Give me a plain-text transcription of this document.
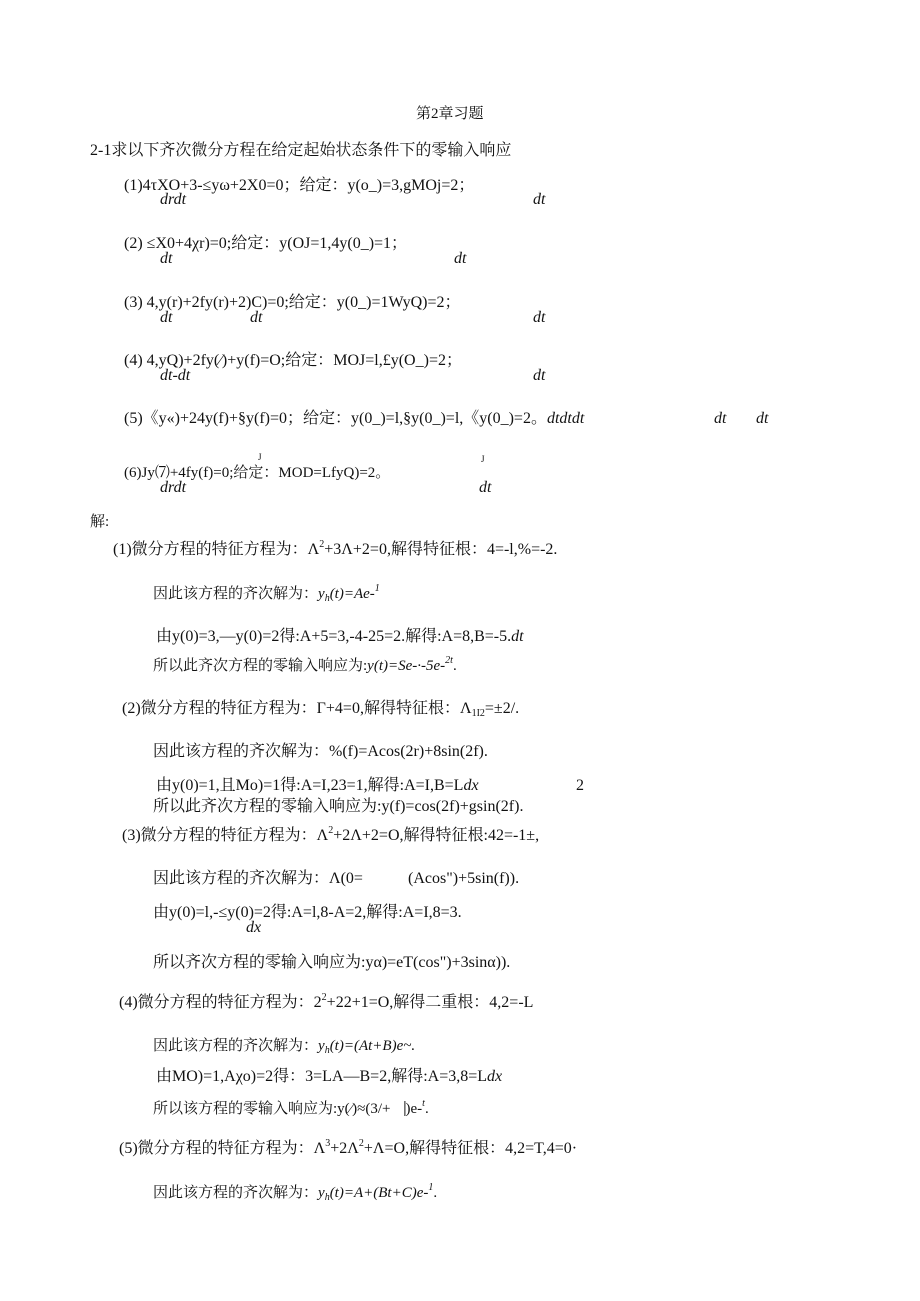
第2章习题
2-1求以下齐次微分方程在给定起始状态条件下的零输入响应
(1)4τXO+3-≤yω+2X0=0；给定：y(o_)=3,gMOj=2；
drdt	dt
(2) ≤X0+4χr)=0;给定：y(OJ=1,4y(0_)=1；
dt	dt
(3) 4,y(r)+2fy(r)+2)C)=0;给定：y(0_)=1WyQ)=2；
dt	dt	dt
(4) 4,yQ)+2fy(⁄)+y(f)=O;给定：MOJ=l,£y(O_)=2；
dt-dt	dt
(5)《y«)+24y(f)+§y(f)=0；给定：y(0_)=l,§y(0_)=l,《y(0_)=2。dtdtdt	dt dt
(6)Jy⑺+4fy(f)=0;给定：MOD=LfyQ)=2。
J	J
drdt	dt
解:
(1)微分方程的特征方程为：$\Lambda^2+3\Lambda+2=0$,解得特征根：4=-l,%=-2.
因此该方程的齐次解为：$y_h(t)=Ae-^1$
由y(0)=3,—y(0)=2得:A+5=3,-4-25=2.解得:A=8,B=-5.dt
所以此齐次方程的零输入响应为:y(t)=Se-·-5e-$^{2t}$.
(2)微分方程的特征方程为：Γ+4=0,解得特征根：$\Lambda_{1I2}=\pm 2/$.
因此该方程的齐次解为：%(f)=Acos(2r)+8sin(2f).
由y(0)=1,且Mo)=1得:A=I,23=1,解得:A=I,B=Ldx	2
所以此齐次方程的零输入响应为:y(f)=cos(2f)+gsin(2f).
(3)微分方程的特征方程为：$\Lambda^2+2\Lambda+2=O$,解得特征根:42=-1±,
因此该方程的齐次解为：Λ(0=	(Acos")+5sin(f)).
由y(0)=l,-≤y(0)=2得:A=l,8-A=2,解得:A=I,8=3.
dx
所以齐次方程的零输入响应为:yα)=eT(cos")+3sinα)).
(4)微分方程的特征方程为：$2^2+22+1=O$,解得二重根：4,2=-L
因此该方程的齐次解为：$y_h(t)=(At+B)e\sim$.
由MO)=1,Aχo)=2得：3=LA—B=2,解得:A=3,8=Ldx
所以该方程的零输入响应为:y(⁄)≈(3/+⎹)e-$^t$.
(5)微分方程的特征方程为：$\Lambda^3+2\Lambda^2+\Lambda=O$,解得特征根：4,2=T,4=0·
因此该方程的齐次解为：$y_h(t)=A+(Bt+C)e-^1$.
